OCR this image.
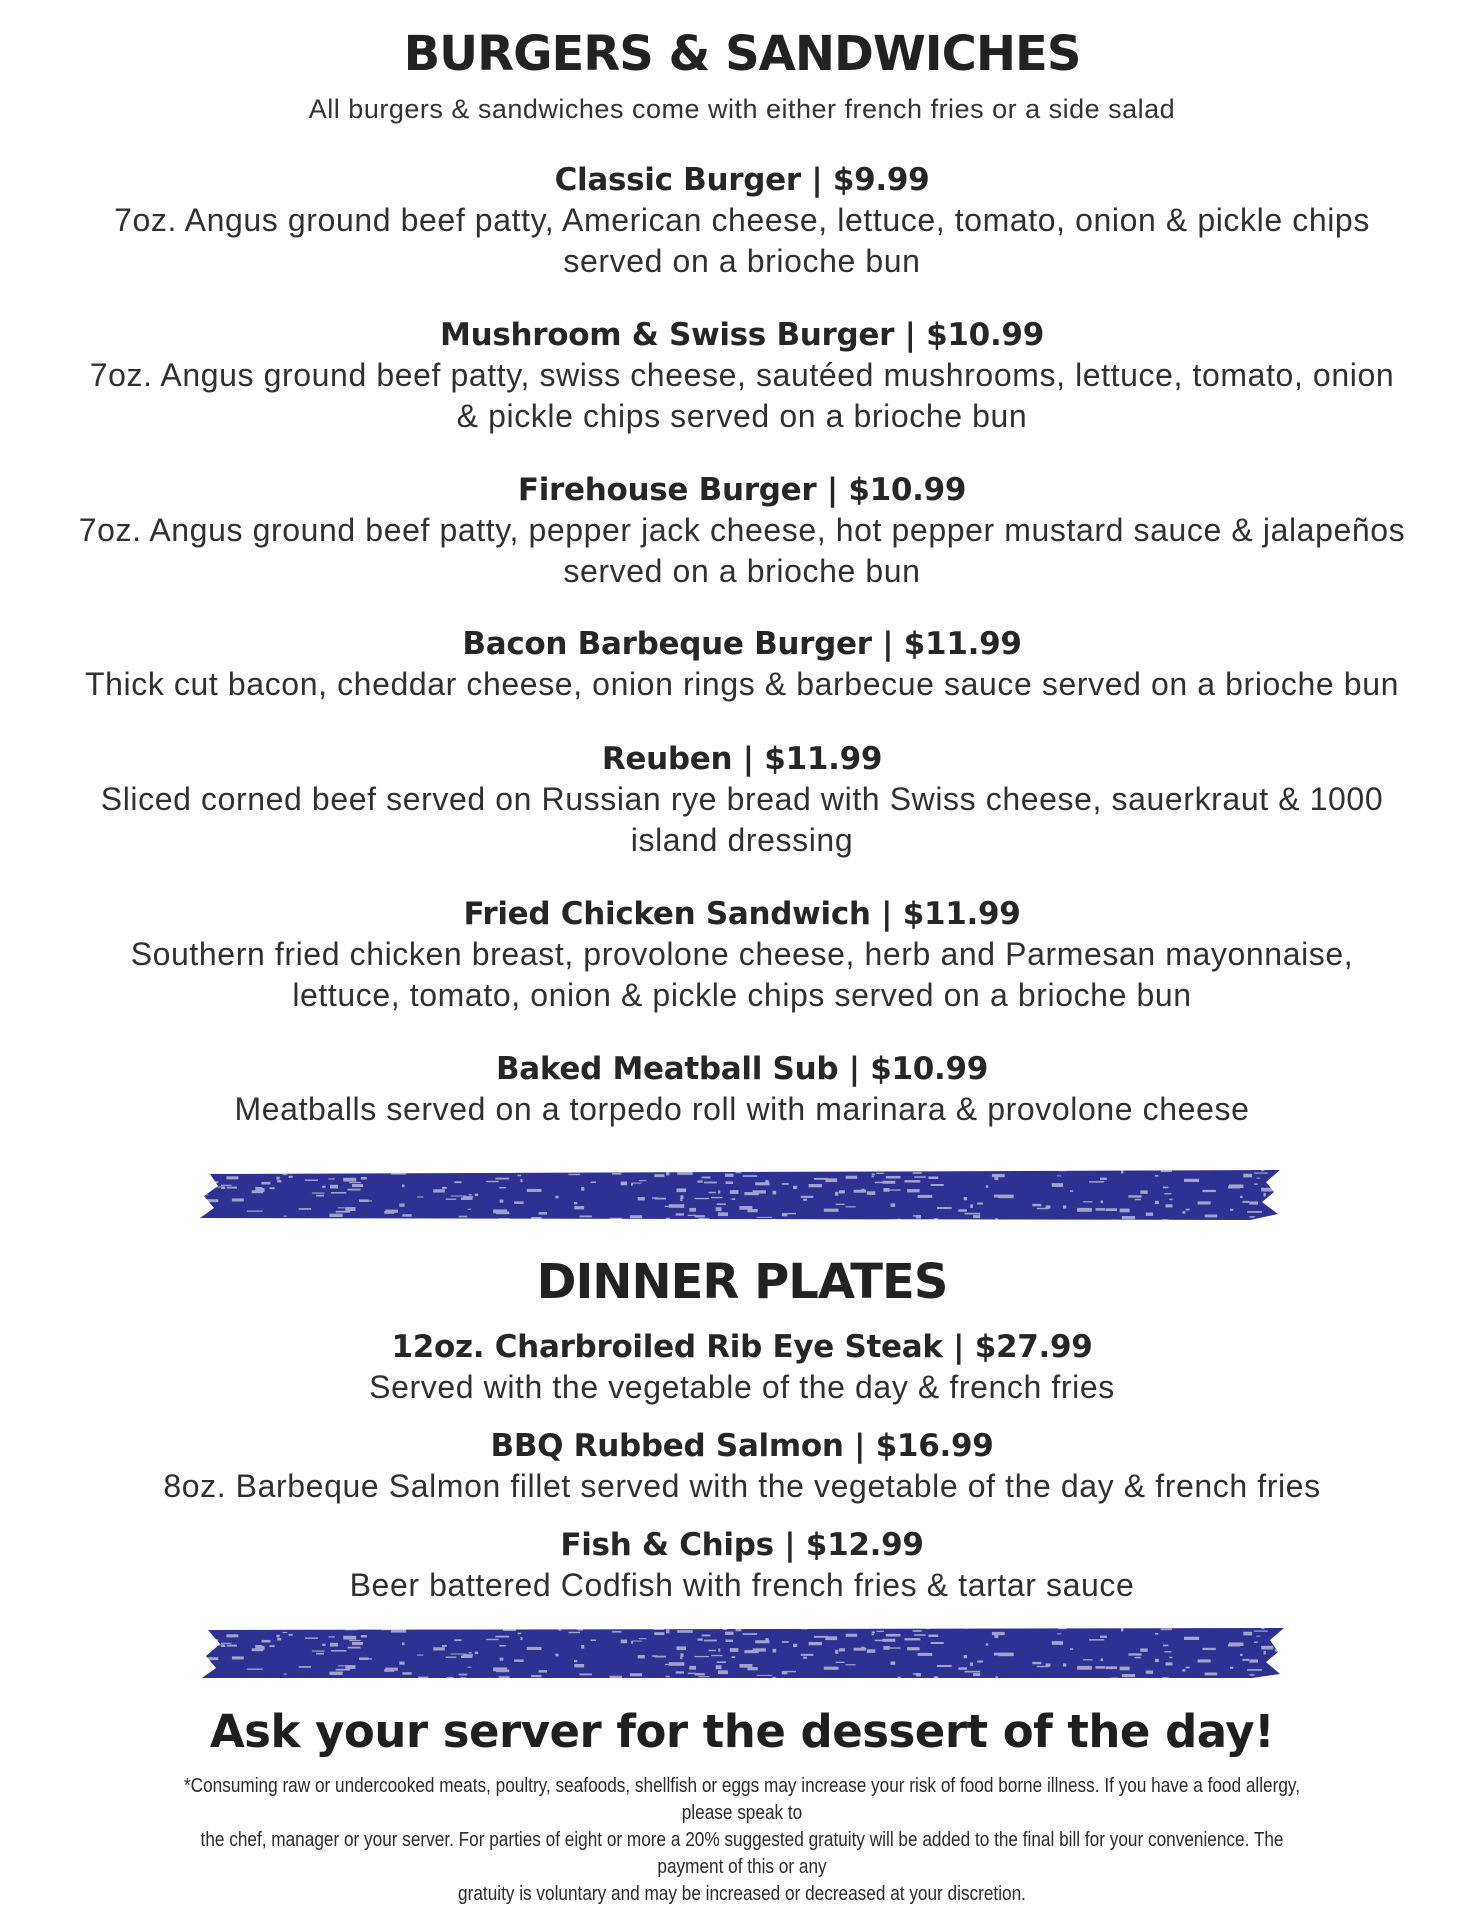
BURGERS & SANDWICHES

All burgers & sandwiches come with either french fries or a side salad

Classic Burger | $9.99
7oz. Angus ground beef patty, American cheese, lettuce, tomato, onion & pickle chips
served on a brioche bun
Mushroom & Swiss Burger | $10.99
7oz. Angus ground beef patty, swiss cheese, sautéed mushrooms, lettuce, tomato, onion
& pickle chips served on a brioche bun
Firehouse Burger | $10.99
7oz. Angus ground beef patty, pepper jack cheese, hot pepper mustard sauce & jalapeños
served on a brioche bun
Bacon Barbeque Burger | $11.99
Thick cut bacon, cheddar cheese, onion rings & barbecue sauce served on a brioche bun
Reuben | $11.99
Sliced corned beef served on Russian rye bread with Swiss cheese, sauerkraut & 1000
island dressing
Fried Chicken Sandwich | $11.99
Southern fried chicken breast, provolone cheese, herb and Parmesan mayonnaise,
lettuce, tomato, onion & pickle chips served on a brioche bun
Baked Meatball Sub | $10.99
Meatballs served on a torpedo roll with marinara & provolone cheese
DINNER PLATES
12oz. Charbroiled Rib Eye Steak | $27.99
Served with the vegetable of the day & french fries
BBQ Rubbed Salmon | $16.99
8oz. Barbeque Salmon fillet served with the vegetable of the day & french fries
Fish & Chips | $12.99
Beer battered Codfish with french fries & tartar sauce
Ask your server for the dessert of the day!
*Consuming raw or undercooked meats, poultry, seafoods, shellfish or eggs may increase your risk of food borne illness. If you have a food allergy, please speak to
the chef, manager or your server. For parties of eight or more a 20% suggested gratuity will be added to the final bill for your convenience. The payment of this or any
gratuity is voluntary and may be increased or decreased at your discretion.
